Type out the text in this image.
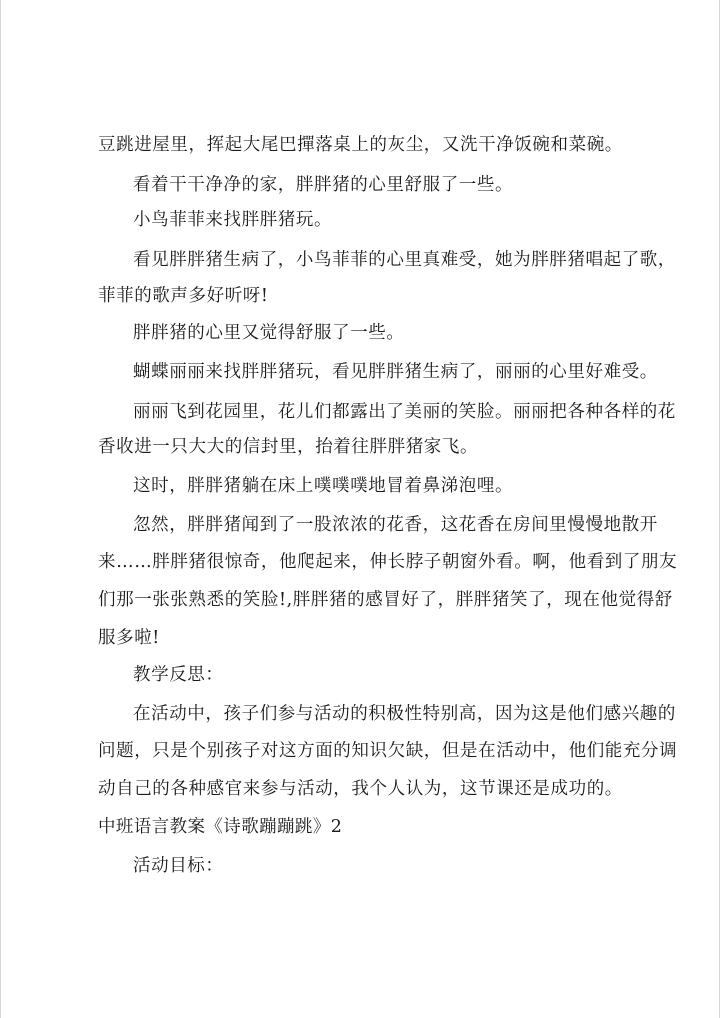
豆跳进屋里，挥起大尾巴撣落桌上的灰尘，又洗干净饭碗和菜碗。
看着干干净净的家，胖胖猪的心里舒服了一些。
小鸟菲菲来找胖胖猪玩。
看见胖胖猪生病了，小鸟菲菲的心里真难受，她为胖胖猪唱起了歌，
菲菲的歌声多好听呀!
胖胖猪的心里又觉得舒服了一些。
蝴蝶丽丽来找胖胖猪玩，看见胖胖猪生病了，丽丽的心里好难受。
丽丽飞到花园里，花儿们都露出了美丽的笑脸。丽丽把各种各样的花
香收进一只大大的信封里，抬着往胖胖猪家飞。
这时，胖胖猪躺在床上噗噗噗地冒着鼻涕泡哩。
忽然，胖胖猪闻到了一股浓浓的花香，这花香在房间里慢慢地散开
来……胖胖猪很惊奇，他爬起来，伸长脖子朝窗外看。啊，他看到了朋友
们那一张张熟悉的笑脸!,胖胖猪的感冒好了，胖胖猪笑了，现在他觉得舒
服多啦!
教学反思：
在活动中，孩子们参与活动的积极性特别高，因为这是他们感兴趣的
问题，只是个别孩子对这方面的知识欠缺，但是在活动中，他们能充分调
动自己的各种感官来参与活动，我个人认为，这节课还是成功的。
中班语言教案《诗歌蹦蹦跳》2
活动目标：
